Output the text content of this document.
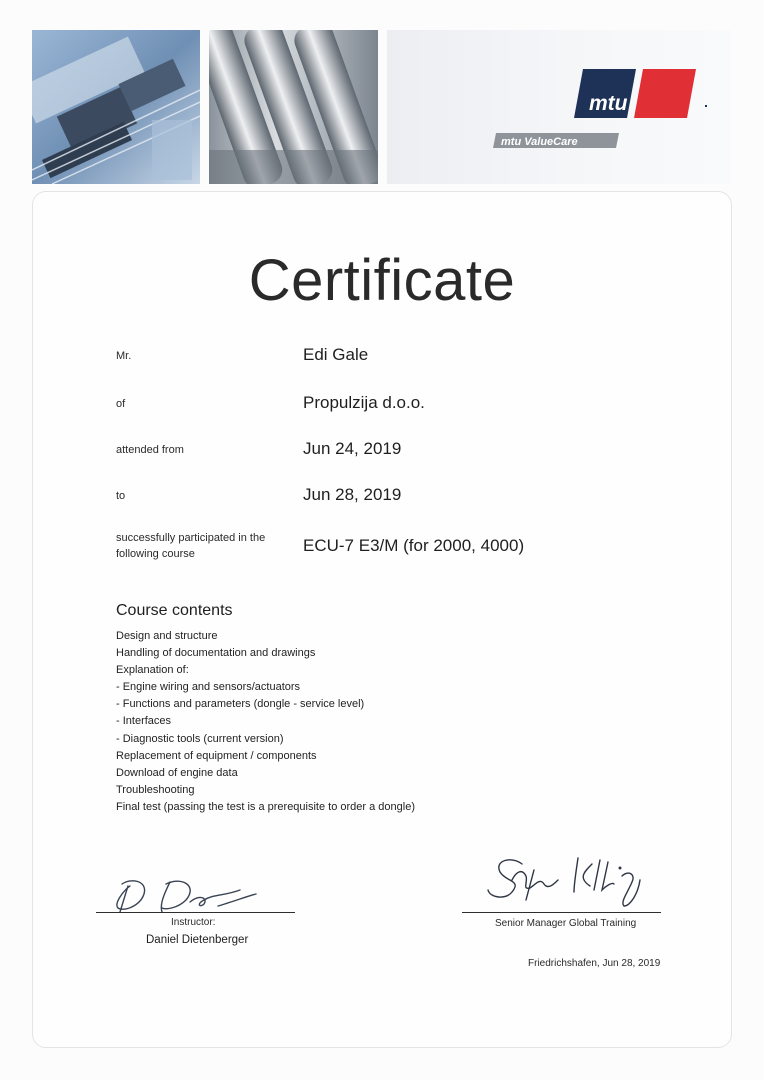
mtu
mtu ValueCare
Certificate
Mr.	Edi Gale
of	Propulzija d.o.o.
attended from	Jun 24, 2019
to	Jun 28, 2019
successfully participated in the
following course	ECU-7 E3/M (for 2000, 4000)
Course contents
Design and structure
Handling of documentation and drawings
Explanation of:
- Engine wiring and sensors/actuators
- Functions and parameters (dongle - service level)
- Interfaces
- Diagnostic tools (current version)
Replacement of equipment / components
Download of engine data
Troubleshooting
Final test (passing the test is a prerequisite to order a dongle)
Instructor:
Daniel Dietenberger
Senior Manager Global Training
Friedrichshafen, Jun 28, 2019
